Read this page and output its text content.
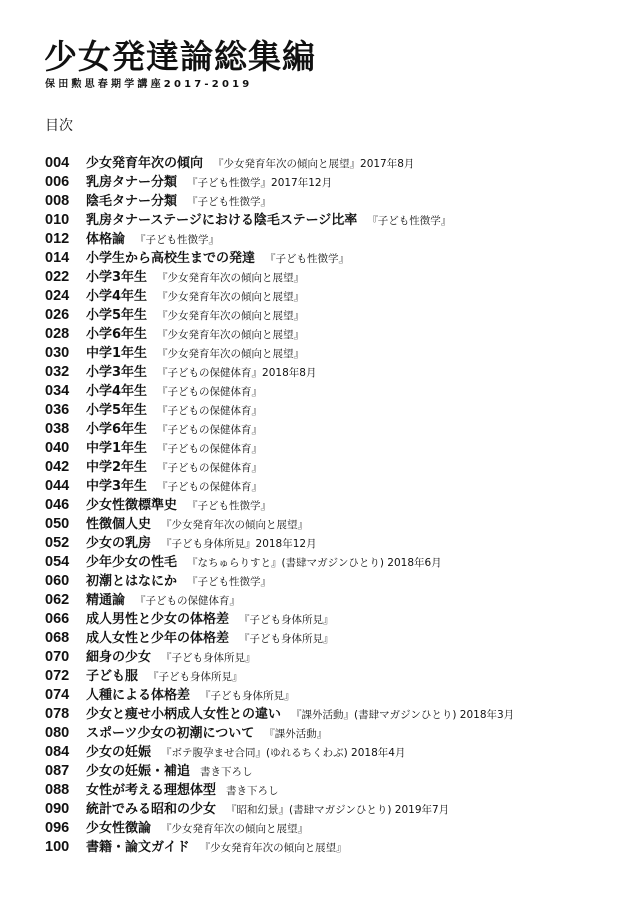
少女発達論総集編
保田勲思春期学講座2017-2019
目次
004 少女発育年次の傾向 『少女発育年次の傾向と展望』2017年8月
006 乳房タナー分類 『子ども性徴学』2017年12月
008 陰毛タナー分類 『子ども性徴学』
010 乳房タナーステージにおける陰毛ステージ比率 『子ども性徴学』
012 体格論 『子ども性徴学』
014 小学生から高校生までの発達 『子ども性徴学』
022 小学3年生 『少女発育年次の傾向と展望』
024 小学4年生 『少女発育年次の傾向と展望』
026 小学5年生 『少女発育年次の傾向と展望』
028 小学6年生 『少女発育年次の傾向と展望』
030 中学1年生 『少女発育年次の傾向と展望』
032 小学3年生 『子どもの保健体育』2018年8月
034 小学4年生 『子どもの保健体育』
036 小学5年生 『子どもの保健体育』
038 小学6年生 『子どもの保健体育』
040 中学1年生 『子どもの保健体育』
042 中学2年生 『子どもの保健体育』
044 中学3年生 『子どもの保健体育』
046 少女性徴標準史 『子ども性徴学』
050 性徴個人史 『少女発育年次の傾向と展望』
052 少女の乳房 『子ども身体所見』2018年12月
054 少年少女の性毛 『なちゅらりすと』(書肆マガジンひとり) 2018年6月
060 初潮とはなにか 『子ども性徴学』
062 精通論 『子どもの保健体育』
066 成人男性と少女の体格差 『子ども身体所見』
068 成人女性と少年の体格差 『子ども身体所見』
070 細身の少女 『子ども身体所見』
072 子ども服 『子ども身体所見』
074 人種による体格差 『子ども身体所見』
078 少女と痩せ小柄成人女性との違い 『課外活動』(書肆マガジンひとり) 2018年3月
080 スポーツ少女の初潮について 『課外活動』
084 少女の妊娠 『ボテ腹孕ませ合同』(ゆれるちくわぶ) 2018年4月
087 少女の妊娠・補追 書き下ろし
088 女性が考える理想体型 書き下ろし
090 統計でみる昭和の少女 『昭和幻景』(書肆マガジンひとり) 2019年7月
096 少女性徴論 『少女発育年次の傾向と展望』
100 書籍・論文ガイド 『少女発育年次の傾向と展望』
